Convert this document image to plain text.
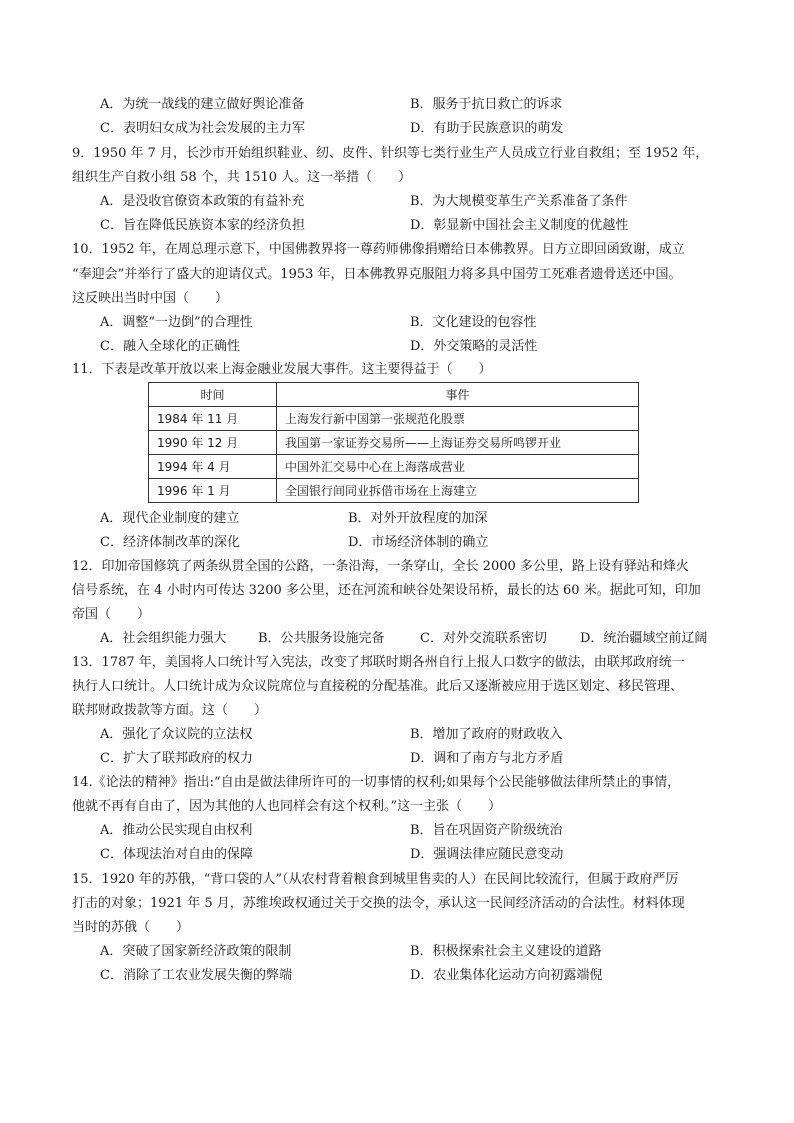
A．为统一战线的建立做好舆论准备	B．服务于抗日救亡的诉求
C．表明妇女成为社会发展的主力军	D．有助于民族意识的萌发
9．1950 年 7 月，长沙市开始组织鞋业、纫、皮件、针织等七类行业生产人员成立行业自救组；至 1952 年，
组织生产自救小组 58 个，共 1510 人。这一举措（　　）
A．是没收官僚资本政策的有益补充	B．为大规模变革生产关系准备了条件
C．旨在降低民族资本家的经济负担	D．彰显新中国社会主义制度的优越性
10．1952 年，在周总理示意下，中国佛教界将一尊药师佛像捐赠给日本佛教界。日方立即回函致谢，成立
“奉迎会”并举行了盛大的迎请仪式。1953 年，日本佛教界克服阻力将多具中国劳工死难者遗骨送还中国。
这反映出当时中国（　　）
A．调整“一边倒”的合理性	B．文化建设的包容性
C．融入全球化的正确性	D．外交策略的灵活性
11．下表是改革开放以来上海金融业发展大事件。这主要得益于（　　）
时间	事件
1984 年 11 月	上海发行新中国第一张规范化股票
1990 年 12 月	我国第一家证券交易所——上海证券交易所鸣锣开业
1994 年 4 月	中国外汇交易中心在上海落成营业
1996 年 1 月	全国银行间同业拆借市场在上海建立
A．现代企业制度的建立	B．对外开放程度的加深
C．经济体制改革的深化	D．市场经济体制的确立
12．印加帝国修筑了两条纵贯全国的公路，一条沿海，一条穿山，全长 2000 多公里，路上设有驿站和烽火
信号系统，在 4 小时内可传达 3200 多公里，还在河流和峡谷处架设吊桥，最长的达 60 米。据此可知，印加
帝国（　　）
A．社会组织能力强大 B．公共服务设施完备	C．对外交流联系密切	D．统治疆域空前辽阔
13．1787 年，美国将人口统计写入宪法，改变了邦联时期各州自行上报人口数字的做法，由联邦政府统一
执行人口统计。人口统计成为众议院席位与直接税的分配基准。此后又逐渐被应用于选区划定、移民管理、
联邦财政拨款等方面。这（　　）
A．强化了众议院的立法权	B．增加了政府的财政收入
C．扩大了联邦政府的权力	D．调和了南方与北方矛盾
14.《论法的精神》指出:“自由是做法律所许可的一切事情的权利;如果每个公民能够做法律所禁止的事情，
他就不再有自由了，因为其他的人也同样会有这个权利。”这一主张（　　）
A．推动公民实现自由权利	B．旨在巩固资产阶级统治
C．体现法治对自由的保障	D．强调法律应随民意变动
15．1920 年的苏俄，“背口袋的人”（从农村背着粮食到城里售卖的人）在民间比较流行，但属于政府严厉
打击的对象；1921 年 5 月，苏维埃政权通过关于交换的法令，承认这一民间经济活动的合法性。材料体现
当时的苏俄（　　）
A．突破了国家新经济政策的限制	B．积极探索社会主义建设的道路
C．消除了工农业发展失衡的弊端	D．农业集体化运动方向初露端倪
